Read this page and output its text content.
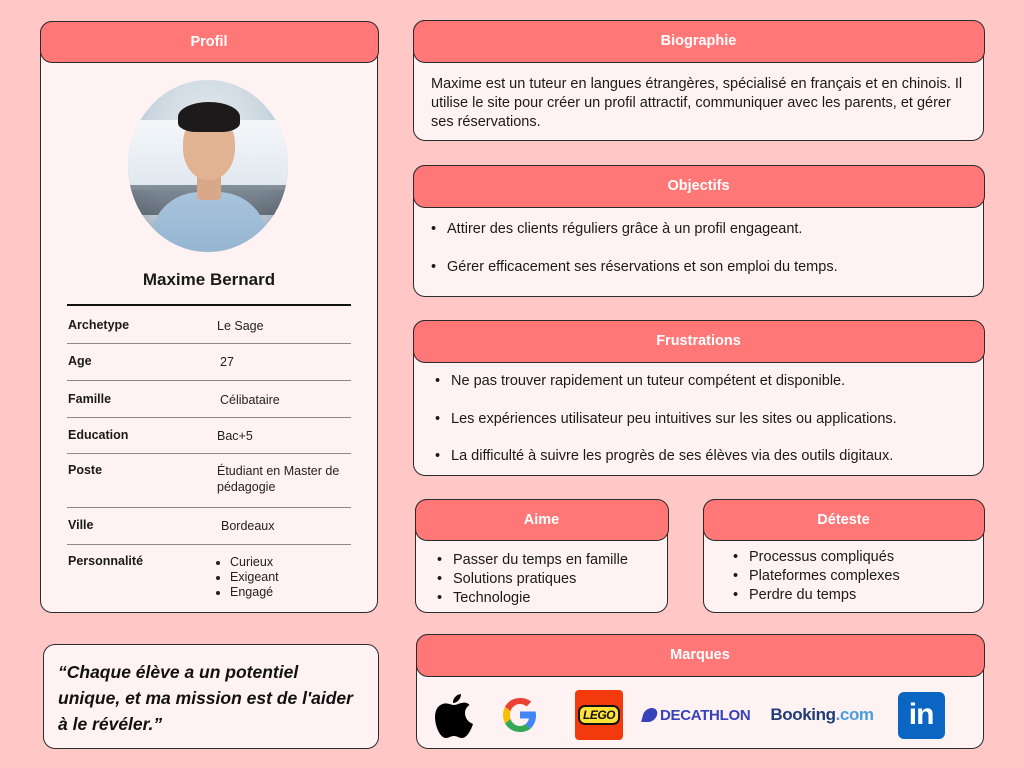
Profil
Maxime Bernard
Archetype	Le Sage
Age	27
Famille	Célibataire
Education	Bac+5
Poste	Étudiant en Master de pédagogie
Ville	Bordeaux
Personnalité	• Curieux
• Exigeant
• Engagé
“Chaque élève a un potentiel unique, et ma mission est de l'aider à le révéler.”
Biographie
Maxime est un tuteur en langues étrangères, spécialisé en français et en chinois. Il utilise le site pour créer un profil attractif, communiquer avec les parents, et gérer ses réservations.
Objectifs
• Attirer des clients réguliers grâce à un profil engageant.
• Gérer efficacement ses réservations et son emploi du temps.
Frustrations
• Ne pas trouver rapidement un tuteur compétent et disponible.
• Les expériences utilisateur peu intuitives sur les sites ou applications.
• La difficulté à suivre les progrès de ses élèves via des outils digitaux.
Aime
• Passer du temps en famille
• Solutions pratiques
• Technologie
Déteste
• Processus compliqués
• Plateformes complexes
• Perdre du temps
Marques
LEGO	DECATHLON Booking .com	in
